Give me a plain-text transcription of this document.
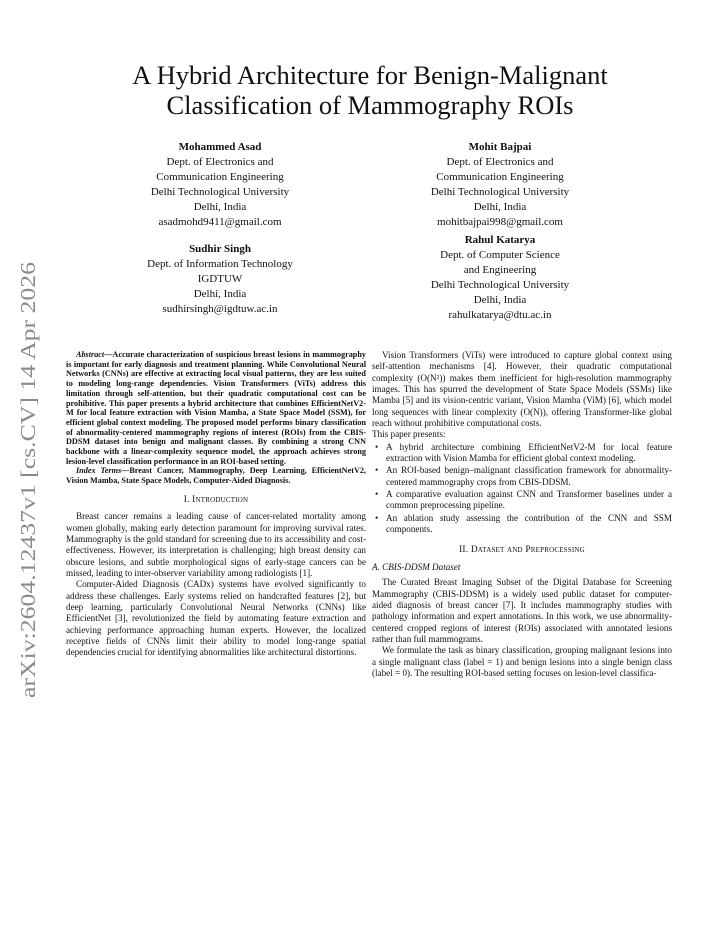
arXiv:2604.12437v1 [cs.CV] 14 Apr 2026
A Hybrid Architecture for Benign-Malignant
Classification of Mammography ROIs
Mohammed Asad
Dept. of Electronics and
Communication Engineering
Delhi Technological University
Delhi, India
asadmohd9411@gmail.com
Mohit Bajpai
Dept. of Electronics and
Communication Engineering
Delhi Technological University
Delhi, India
mohitbajpai998@gmail.com
Sudhir Singh
Dept. of Information Technology
IGDTUW
Delhi, India
sudhirsingh@igdtuw.ac.in
Rahul Katarya
Dept. of Computer Science
and Engineering
Delhi Technological University
Delhi, India
rahulkatarya@dtu.ac.in

Abstract—Accurate characterization of suspicious breast lesions in mammography is important for early diagnosis and treatment planning. While Convolutional Neural Networks (CNNs) are effective at extracting local visual patterns, they are less suited to modeling long-range dependencies. Vision Transformers (ViTs) address this limitation through self-attention, but their quadratic computational cost can be prohibitive. This paper presents a hybrid architecture that combines EfficientNetV2-M for local feature extraction with Vision Mamba, a State Space Model (SSM), for efficient global context modeling. The proposed model performs binary classification of abnormality-centered mammography regions of interest (ROIs) from the CBIS-DDSM dataset into benign and malignant classes. By combining a strong CNN backbone with a linear-complexity sequence model, the approach achieves strong lesion-level classification performance in an ROI-based setting.

Index Terms—Breast Cancer, Mammography, Deep Learning, EfficientNetV2, Vision Mamba, State Space Models, Computer-Aided Diagnosis.

I. Introduction

Breast cancer remains a leading cause of cancer-related mortality among women globally, making early detection paramount for improving survival rates. Mammography is the gold standard for screening due to its accessibility and cost-effectiveness. However, its interpretation is challenging; high breast density can obscure lesions, and subtle morphological signs of early-stage cancers can be missed, leading to inter-observer variability among radiologists [1].

Computer-Aided Diagnosis (CADx) systems have evolved significantly to address these challenges. Early systems relied on handcrafted features [2], but deep learning, particularly Convolutional Neural Networks (CNNs) like EfficientNet [3], revolutionized the field by automating feature extraction and achieving performance approaching human experts. However, the localized receptive fields of CNNs limit their ability to model long-range spatial dependencies crucial for identifying abnormalities like architectural distortions.

Vision Transformers (ViTs) were introduced to capture global context using self-attention mechanisms [4]. However, their quadratic computational complexity (O(N²)) makes them inefficient for high-resolution mammography images. This has spurred the development of State Space Models (SSMs) like Mamba [5] and its vision-centric variant, Vision Mamba (ViM) [6], which model long sequences with linear complexity (O(N)), offering Transformer-like global reach without prohibitive computational costs.

This paper presents:

• A hybrid architecture combining EfficientNetV2-M for local feature extraction with Vision Mamba for efficient global context modeling.
• An ROI-based benign–malignant classification framework for abnormality-centered mammography crops from CBIS-DDSM.
• A comparative evaluation against CNN and Transformer baselines under a common preprocessing pipeline.
• An ablation study assessing the contribution of the CNN and SSM components.
II. Dataset and Preprocessing
A. CBIS-DDSM Dataset

The Curated Breast Imaging Subset of the Digital Database for Screening Mammography (CBIS-DDSM) is a widely used public dataset for computer-aided diagnosis of breast cancer [7]. It includes mammography studies with pathology information and expert annotations. In this work, we use abnormality-centered cropped regions of interest (ROIs) associated with annotated lesions rather than full mammograms.

We formulate the task as binary classification, grouping malignant lesions into a single malignant class (label = 1) and benign lesions into a single benign class (label = 0). The resulting ROI-based setting focuses on lesion-level classifica-
